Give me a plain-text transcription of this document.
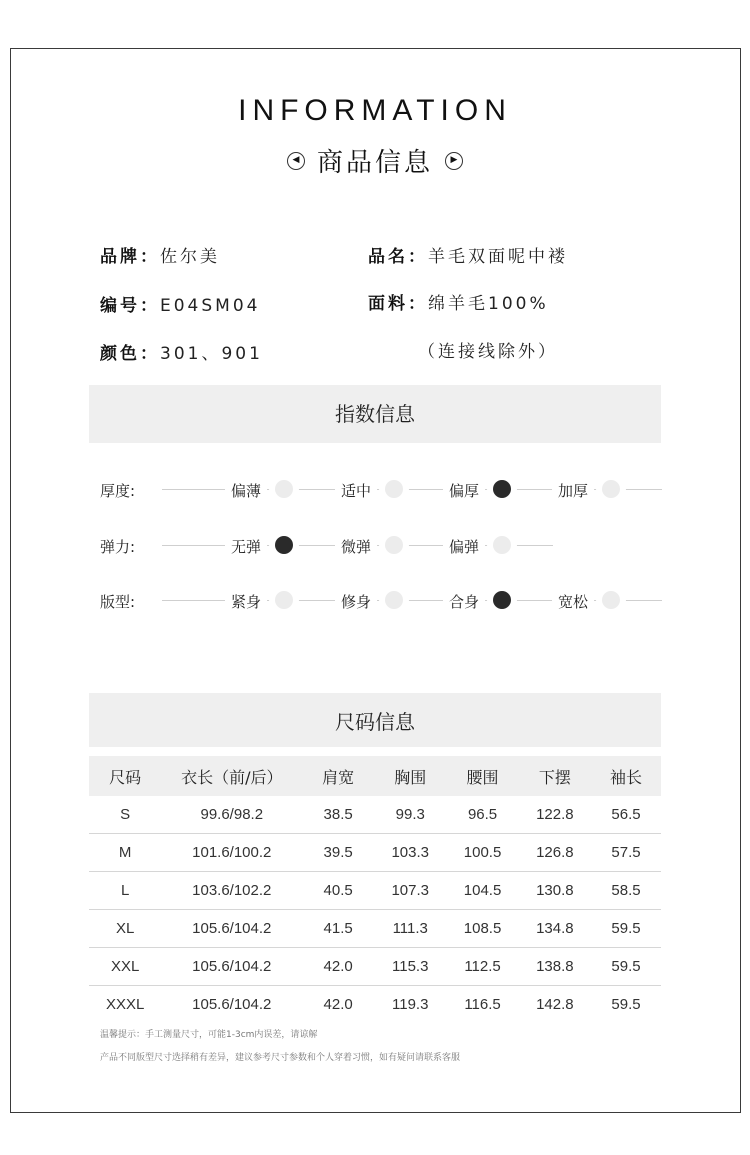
INFORMATION
◀ 商品信息 ▶
品牌：佐尔美	品名：羊毛双面呢中褛
编号：E04SM04	面料：绵羊毛100%
（连接线除外）
颜色：301、901
指数信息
厚度:	偏薄	适中	偏厚	加厚
弹力:	无弹	微弹	偏弹
版型:	紧身	修身	合身	宽松
尺码信息
尺码	衣长（前/后）	肩宽	胸围	腰围	下摆	袖长
S	99.6/98.2	38.5	99.3	96.5	122.8	56.5
M	101.6/100.2	39.5	103.3	100.5	126.8	57.5
L	103.6/102.2	40.5	107.3	104.5	130.8	58.5
XL	105.6/104.2	41.5	111.3	108.5	134.8	59.5
XXL	105.6/104.2	42.0	115.3	112.5	138.8	59.5
XXXL	105.6/104.2	42.0	119.3	116.5	142.8	59.5
温馨提示：手工测量尺寸，可能1-3cm内误差，请谅解
产品不同版型尺寸选择稍有差异，建议参考尺寸参数和个人穿着习惯，如有疑问请联系客服
